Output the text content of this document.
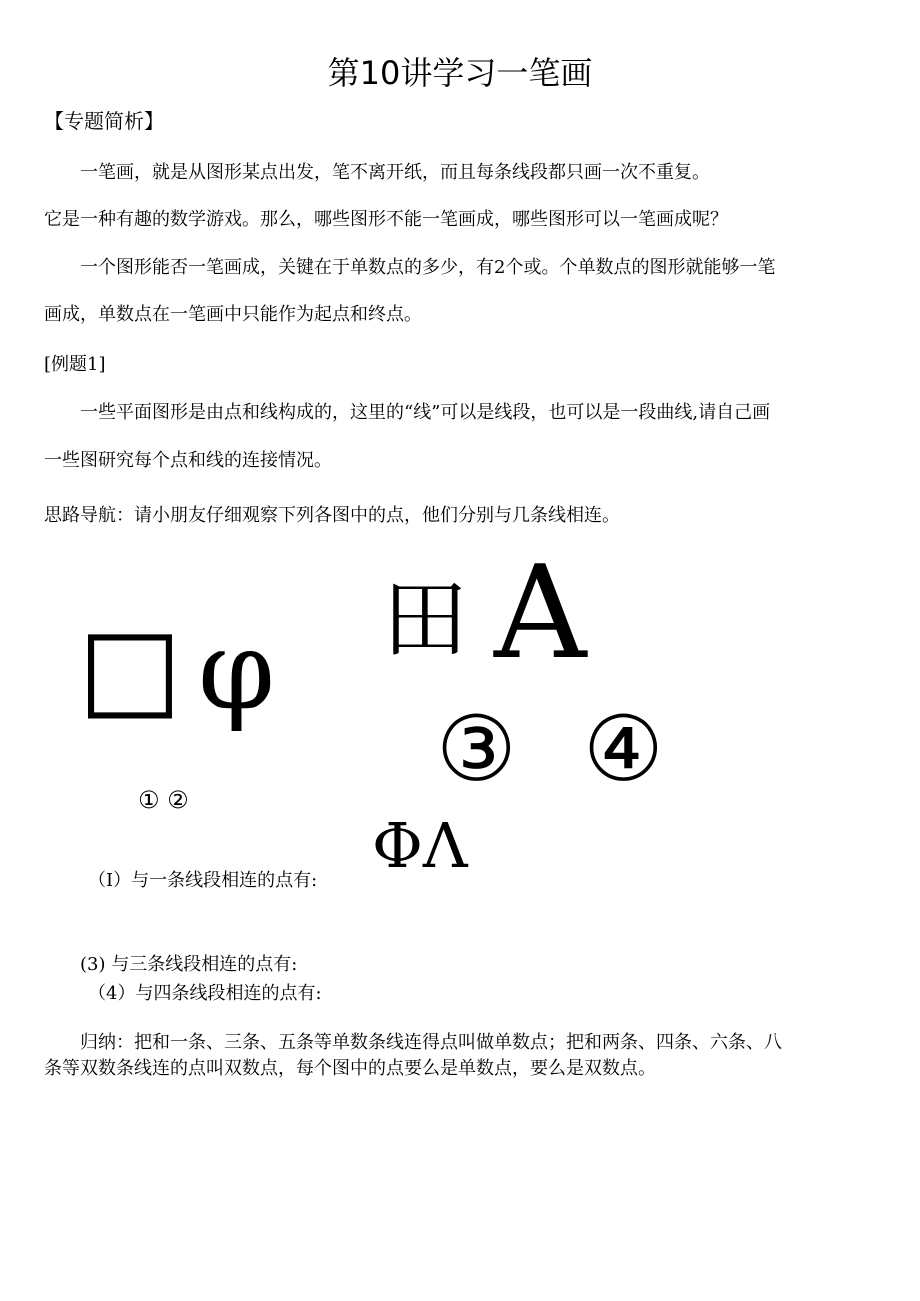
第10讲学习一笔画
【专题简析】
一笔画，就是从图形某点出发，笔不离开纸，而且每条线段都只画一次不重复。
它是一种有趣的数学游戏。那么，哪些图形不能一笔画成，哪些图形可以一笔画成呢？
一个图形能否一笔画成，关键在于单数点的多少，有2个或。个单数点的图形就能够一笔
画成，单数点在一笔画中只能作为起点和终点。
[例题1]
一些平面图形是由点和线构成的，这里的“线”可以是线段，也可以是一段曲线,请自己画
一些图研究每个点和线的连接情况。
思路导航：请小朋友仔细观察下列各图中的点，他们分别与几条线相连。
□ φ 田 A
③ ④
① ②
ΦΛ
（I）与一条线段相连的点有:
(3) 与三条线段相连的点有:
（4）与四条线段相连的点有:
归纳：把和一条、三条、五条等单数条线连得点叫做单数点；把和两条、四条、六条、八
条等双数条线连的点叫双数点，每个图中的点要么是单数点，要么是双数点。
